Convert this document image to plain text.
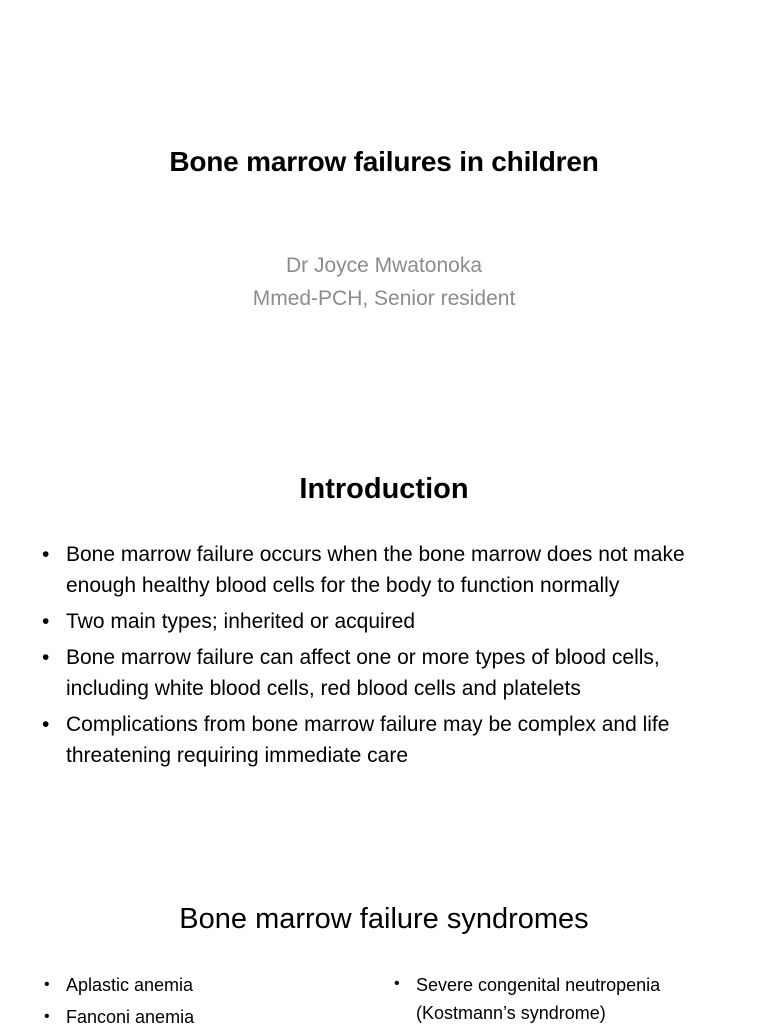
Bone marrow failures in children
Dr Joyce Mwatonoka
Mmed-PCH, Senior resident
Introduction
• Bone marrow failure occurs when the bone marrow does not make enough healthy blood cells for the body to function normally
• Two main types; inherited or acquired
• Bone marrow failure can affect one or more types of blood cells, including white blood cells, red blood cells and platelets
• Complications from bone marrow failure may be complex and life threatening requiring immediate care
Bone marrow failure syndromes
• Aplastic anemia
• Fanconi anemia
• Severe congenital neutropenia (Kostmann’s syndrome)
